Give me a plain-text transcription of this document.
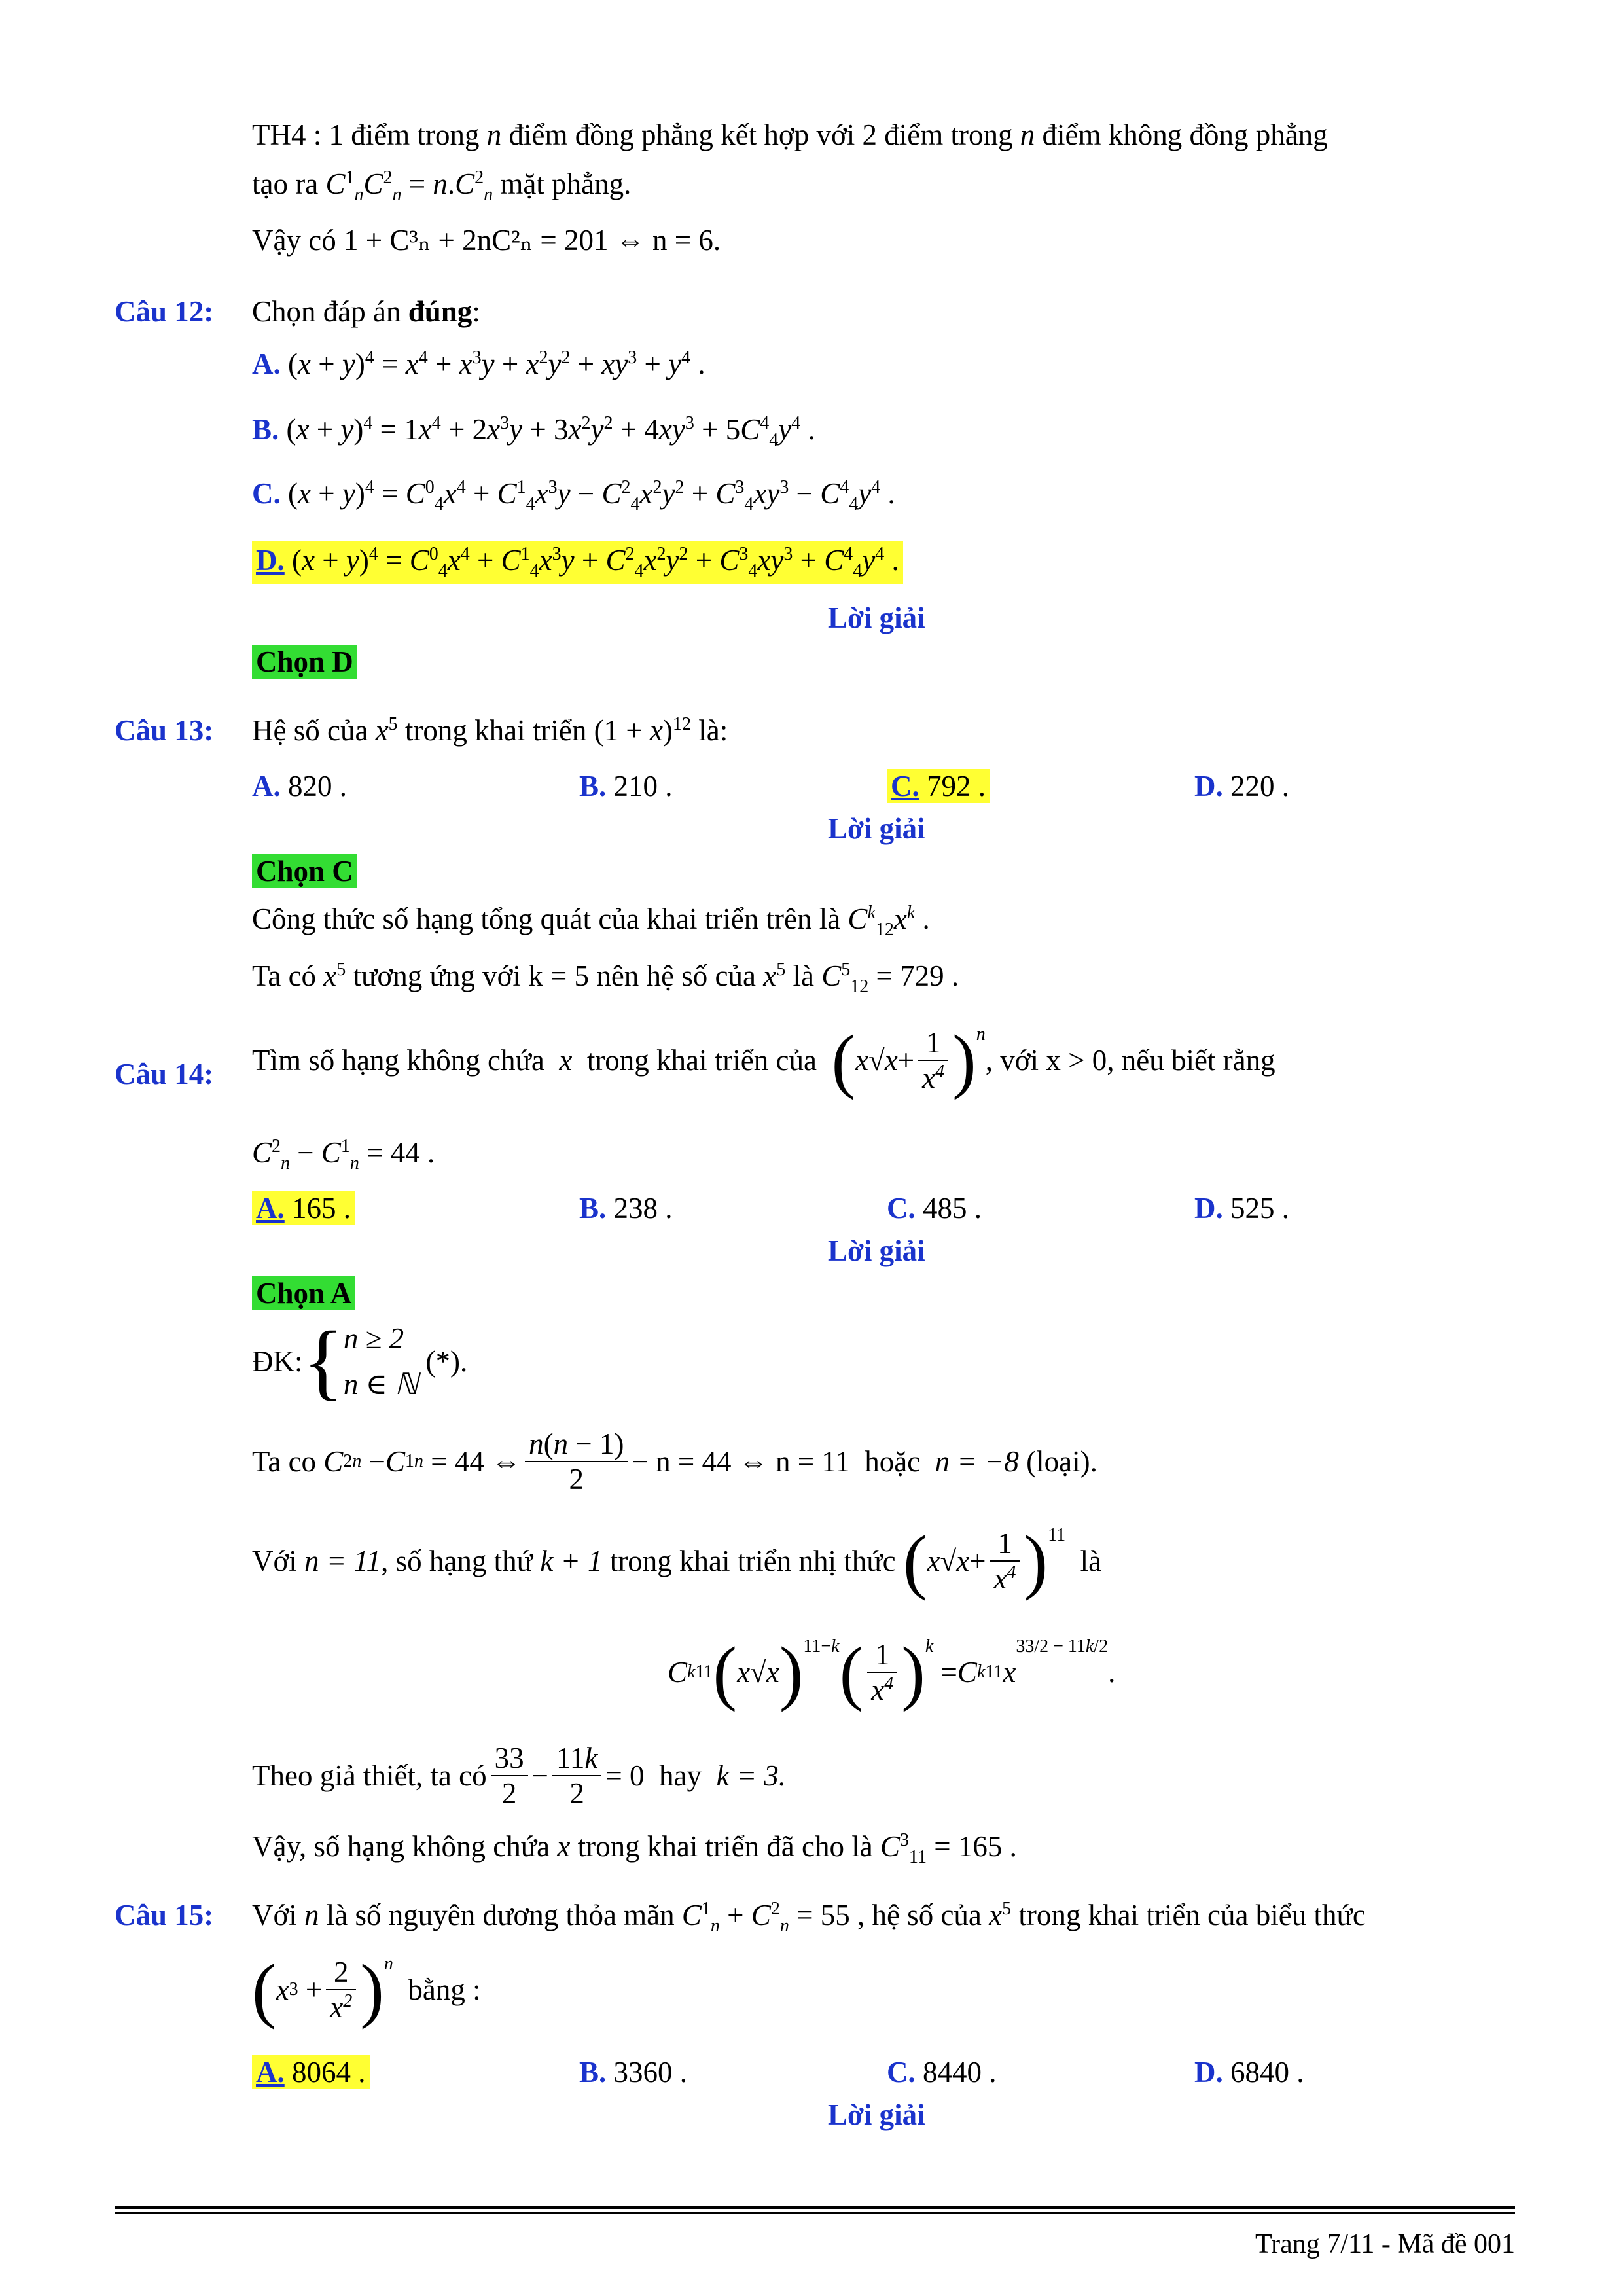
TH4 : 1 điểm trong n điểm đồng phẳng kết hợp với 2 điểm trong n điểm không đồng phẳng
tạo ra $C^1_nC^2_n = n.C^2_n$ mặt phẳng.
Vậy có 1 + C³ₙ + 2nC²ₙ = 201 ⇔ n = 6.
Câu 12: Chọn đáp án đúng:
A. $(x + y)^4 = x^4 + x^3y + x^2y^2 + xy^3 + y^4$ .
B. $(x + y)^4 = 1x^4 + 2x^3y + 3x^2y^2 + 4xy^3 + 5C^4_4y^4$ .
C. $(x + y)^4 = C^0_4x^4 + C^1_4x^3y - C^2_4x^2y^2 + C^3_4xy^3 - C^4_4y^4$ .
D. $(x + y)^4 = C^0_4x^4 + C^1_4x^3y + C^2_4x^2y^2 + C^3_4xy^3 + C^4_4y^4$ .
Lời giải
Chọn D
Câu 13: Hệ số của $x^5$ trong khai triển $(1 + x)^{12}$ là:
A. 820 .	B. 210 .	C. 792 .	D. 220 .
Lời giải
Chọn C
Công thức số hạng tổng quát của khai triển trên là $C^k_{12}x^k$ .
Ta có $x^5$ tương ứng với k = 5 nên hệ số của $x^5$ là $C^5_{12} = 729$ .
Câu 14: Tìm số hạng không chứa
x
trong khai triển của
( x √ $x + \frac{1}{x^4} )^n$
, với
x > 0 , nếu biết rằng
$C^2_n - C^1_n = 44$ .
A. 165 .	B. 238 .	C. 485 .	D. 525 .
Lời giải
Chọn A
ĐK: { n ≥ 2
n ∈ ℕ

(*).
Ta co
C 2 n − C 1 n
= 44 ⇔ $\frac{n(n - 1)}{2} - n = 44$ ⇔ n = 11
hoặc
n = −8
(loại).
Với
n = 11 , số hạng thứ
k + 1
trong khai triển nhị thức
( x √ $x + \frac{1}{x^4} )^{11}$

là
C k 11 ( x √ x )$^{11-k}$ ( $\frac{1}{x^4} )^k$
= C k 11 x
$^{33/2 - 11k/2}$
.
Theo giả thiết, ta có $\frac{33}{2} - \frac{11k}{2} = 0$
hay
k = 3.
Vậy, số hạng không chứa x trong khai triển đã cho là $C^3_{11} = 165$ .
Câu 15: Với n là số nguyên dương thỏa mãn $C^1_n + C^2_n = 55$ , hệ số của $x^5$ trong khai triển của biểu thức
( x $3 + \frac{2}{x^2} )^n$

bằng :
A. 8064 .	B. 3360 .	C. 8440 .	D. 6840 .
Lời giải
Trang 7/11 - Mã đề 001
